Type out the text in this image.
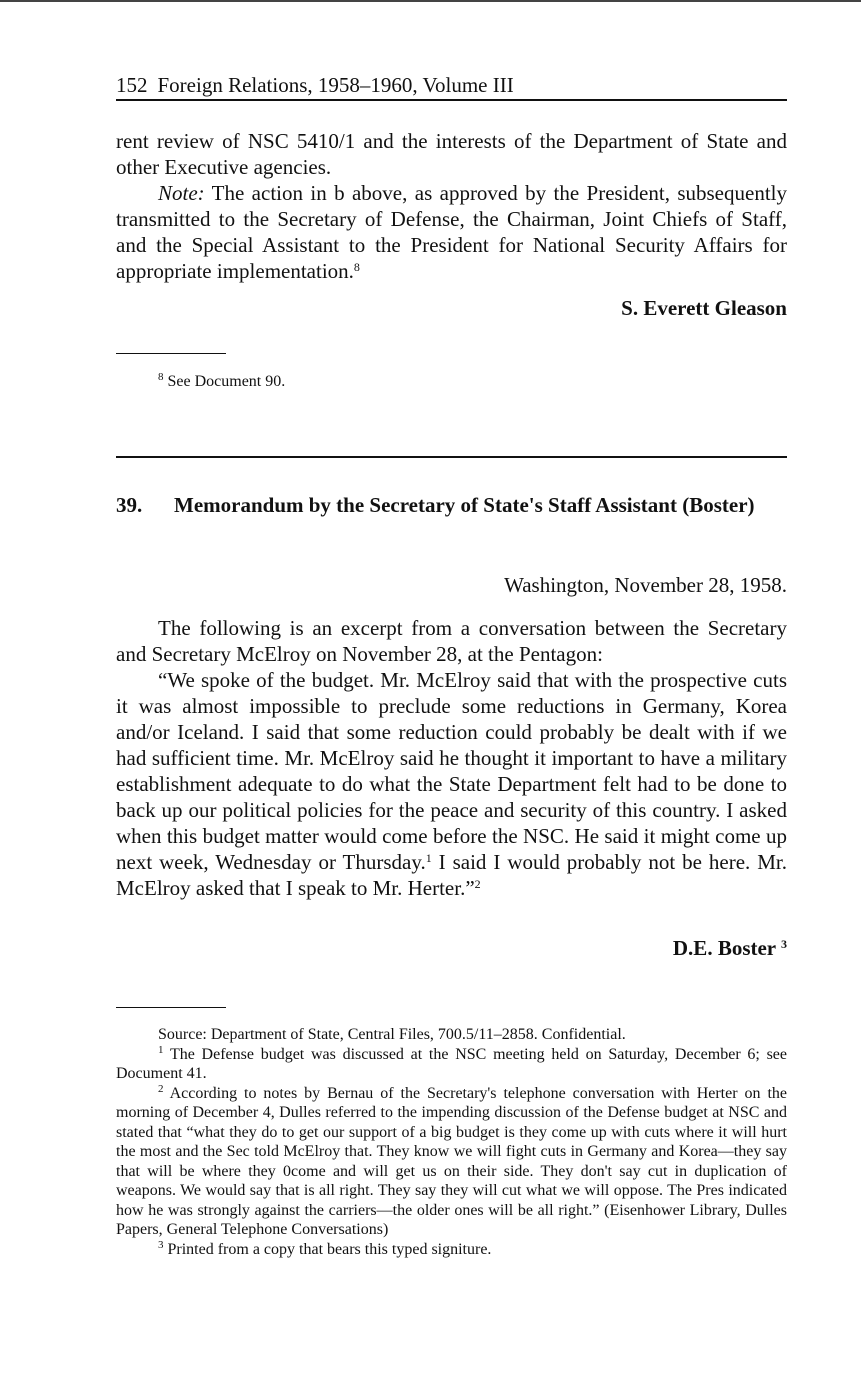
152 Foreign Relations, 1958–1960, Volume III

rent review of NSC 5410/1 and the interests of the Department of State and other Executive agencies.

Note: The action in b above, as approved by the President, subsequently transmitted to the Secretary of Defense, the Chairman, Joint Chiefs of Staff, and the Special Assistant to the President for National Security Affairs for appropriate implementation.$^8$

S. Everett Gleason

$^8$ See Document 90.

39. Memorandum by the Secretary of State's Staff Assistant (Boster)
Washington, November 28, 1958.

The following is an excerpt from a conversation between the Secretary and Secretary McElroy on November 28, at the Pentagon:

“We spoke of the budget. Mr. McElroy said that with the prospective cuts it was almost impossible to preclude some reductions in Germany, Korea and/or Iceland. I said that some reduction could probably be dealt with if we had sufficient time. Mr. McElroy said he thought it important to have a military establishment adequate to do what the State Department felt had to be done to back up our political policies for the peace and security of this country. I asked when this budget matter would come before the NSC. He said it might come up next week, Wednesday or Thursday.$^1$ I said I would probably not be here. Mr. McElroy asked that I speak to Mr. Herter.”$^2$

D.E. Boster $^3$

Source: Department of State, Central Files, 700.5/11–2858. Confidential.

$^1$ The Defense budget was discussed at the NSC meeting held on Saturday, December 6; see Document 41.

$^2$ According to notes by Bernau of the Secretary's telephone conversation with Herter on the morning of December 4, Dulles referred to the impending discussion of the Defense budget at NSC and stated that “what they do to get our support of a big budget is they come up with cuts where it will hurt the most and the Sec told McElroy that. They know we will fight cuts in Germany and Korea—they say that will be where they 0come and will get us on their side. They don't say cut in duplication of weapons. We would say that is all right. They say they will cut what we will oppose. The Pres indicated how he was strongly against the carriers—the older ones will be all right.” (Eisenhower Library, Dulles Papers, General Telephone Conversations)

$^3$ Printed from a copy that bears this typed signiture.
